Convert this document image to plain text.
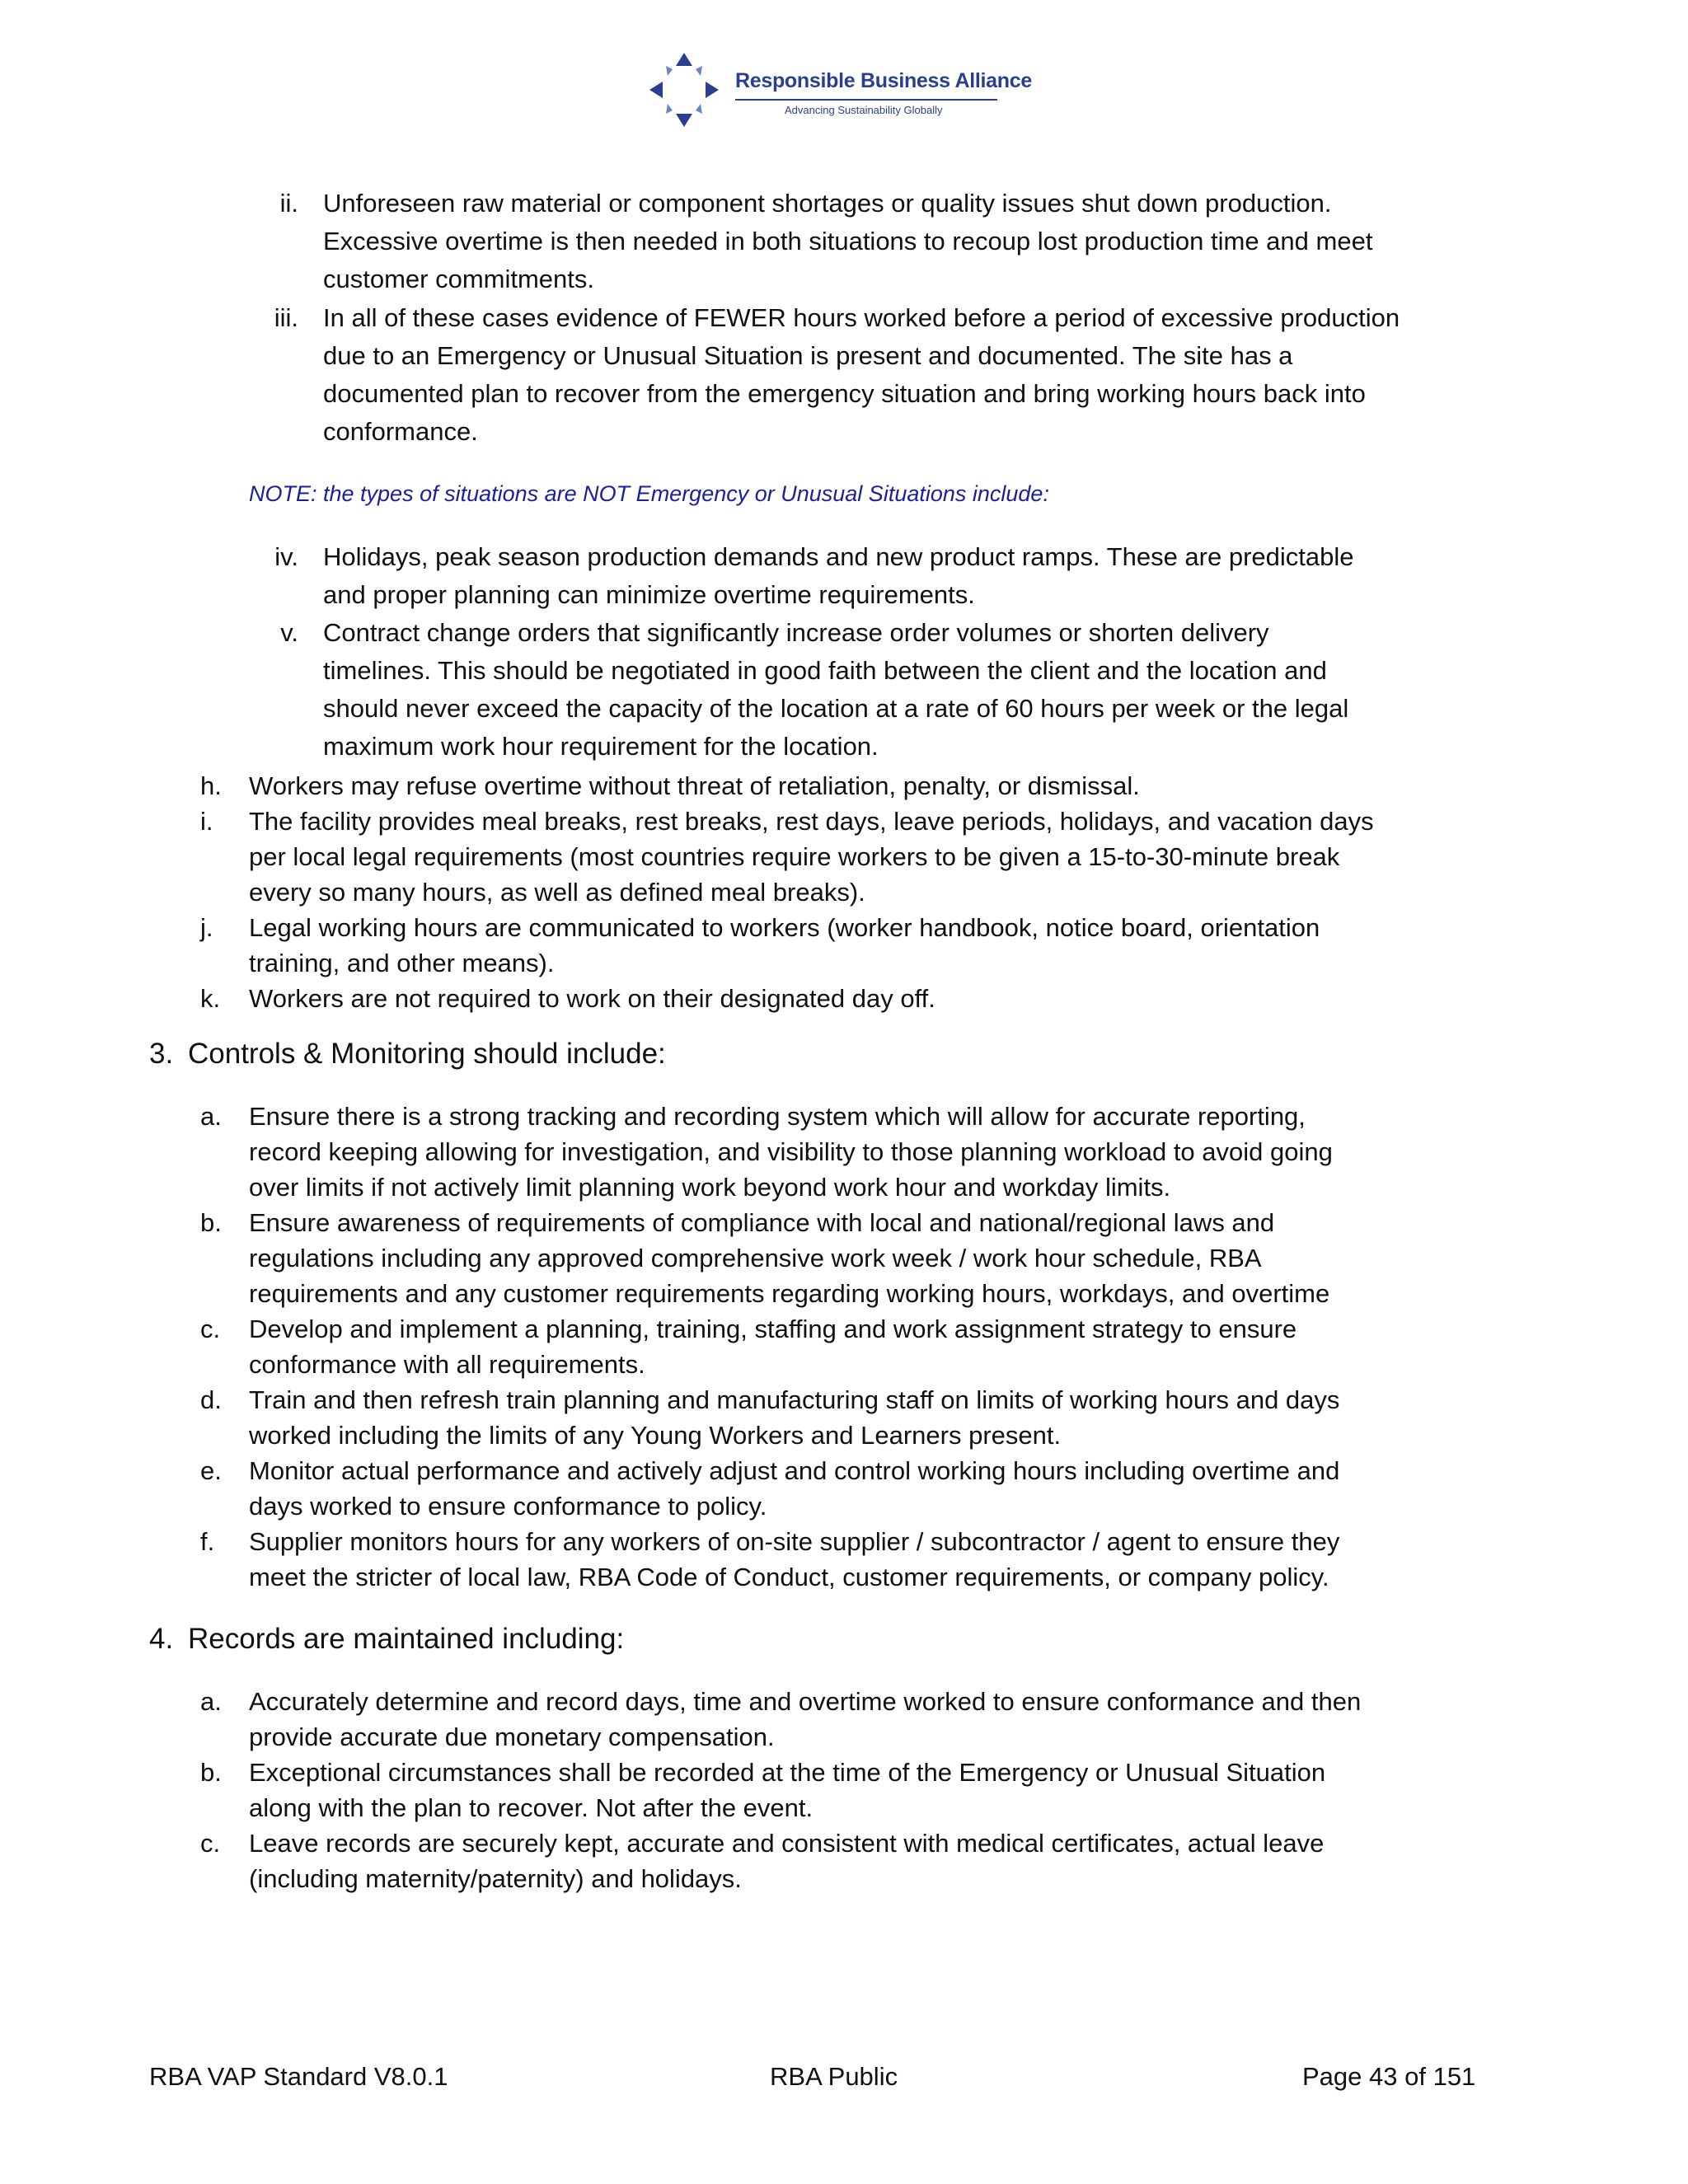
Responsible Business Alliance
Advancing Sustainability Globally
ii. Unforeseen raw material or component shortages or quality issues shut down production.
Excessive overtime is then needed in both situations to recoup lost production time and meet
customer commitments.
iii. In all of these cases evidence of FEWER hours worked before a period of excessive production
due to an Emergency or Unusual Situation is present and documented. The site has a
documented plan to recover from the emergency situation and bring working hours back into
conformance.
NOTE: the types of situations are NOT Emergency or Unusual Situations include:
iv. Holidays, peak season production demands and new product ramps. These are predictable
and proper planning can minimize overtime requirements.
v. Contract change orders that significantly increase order volumes or shorten delivery
timelines. This should be negotiated in good faith between the client and the location and
should never exceed the capacity of the location at a rate of 60 hours per week or the legal
maximum work hour requirement for the location.
h. Workers may refuse overtime without threat of retaliation, penalty, or dismissal.
i. The facility provides meal breaks, rest breaks, rest days, leave periods, holidays, and vacation days
per local legal requirements (most countries require workers to be given a 15-to-30-minute break
every so many hours, as well as defined meal breaks).
j. Legal working hours are communicated to workers (worker handbook, notice board, orientation
training, and other means).
k. Workers are not required to work on their designated day off.
3. Controls & Monitoring should include:
a. Ensure there is a strong tracking and recording system which will allow for accurate reporting,
record keeping allowing for investigation, and visibility to those planning workload to avoid going
over limits if not actively limit planning work beyond work hour and workday limits.
b. Ensure awareness of requirements of compliance with local and national/regional laws and
regulations including any approved comprehensive work week / work hour schedule, RBA
requirements and any customer requirements regarding working hours, workdays, and overtime
c. Develop and implement a planning, training, staffing and work assignment strategy to ensure
conformance with all requirements.
d. Train and then refresh train planning and manufacturing staff on limits of working hours and days
worked including the limits of any Young Workers and Learners present.
e. Monitor actual performance and actively adjust and control working hours including overtime and
days worked to ensure conformance to policy.
f. Supplier monitors hours for any workers of on-site supplier / subcontractor / agent to ensure they
meet the stricter of local law, RBA Code of Conduct, customer requirements, or company policy.
4. Records are maintained including:
a. Accurately determine and record days, time and overtime worked to ensure conformance and then
provide accurate due monetary compensation.
b. Exceptional circumstances shall be recorded at the time of the Emergency or Unusual Situation
along with the plan to recover. Not after the event.
c. Leave records are securely kept, accurate and consistent with medical certificates, actual leave
(including maternity/paternity) and holidays.
RBA VAP Standard V8.0.1	RBA Public	Page 43 of 151
